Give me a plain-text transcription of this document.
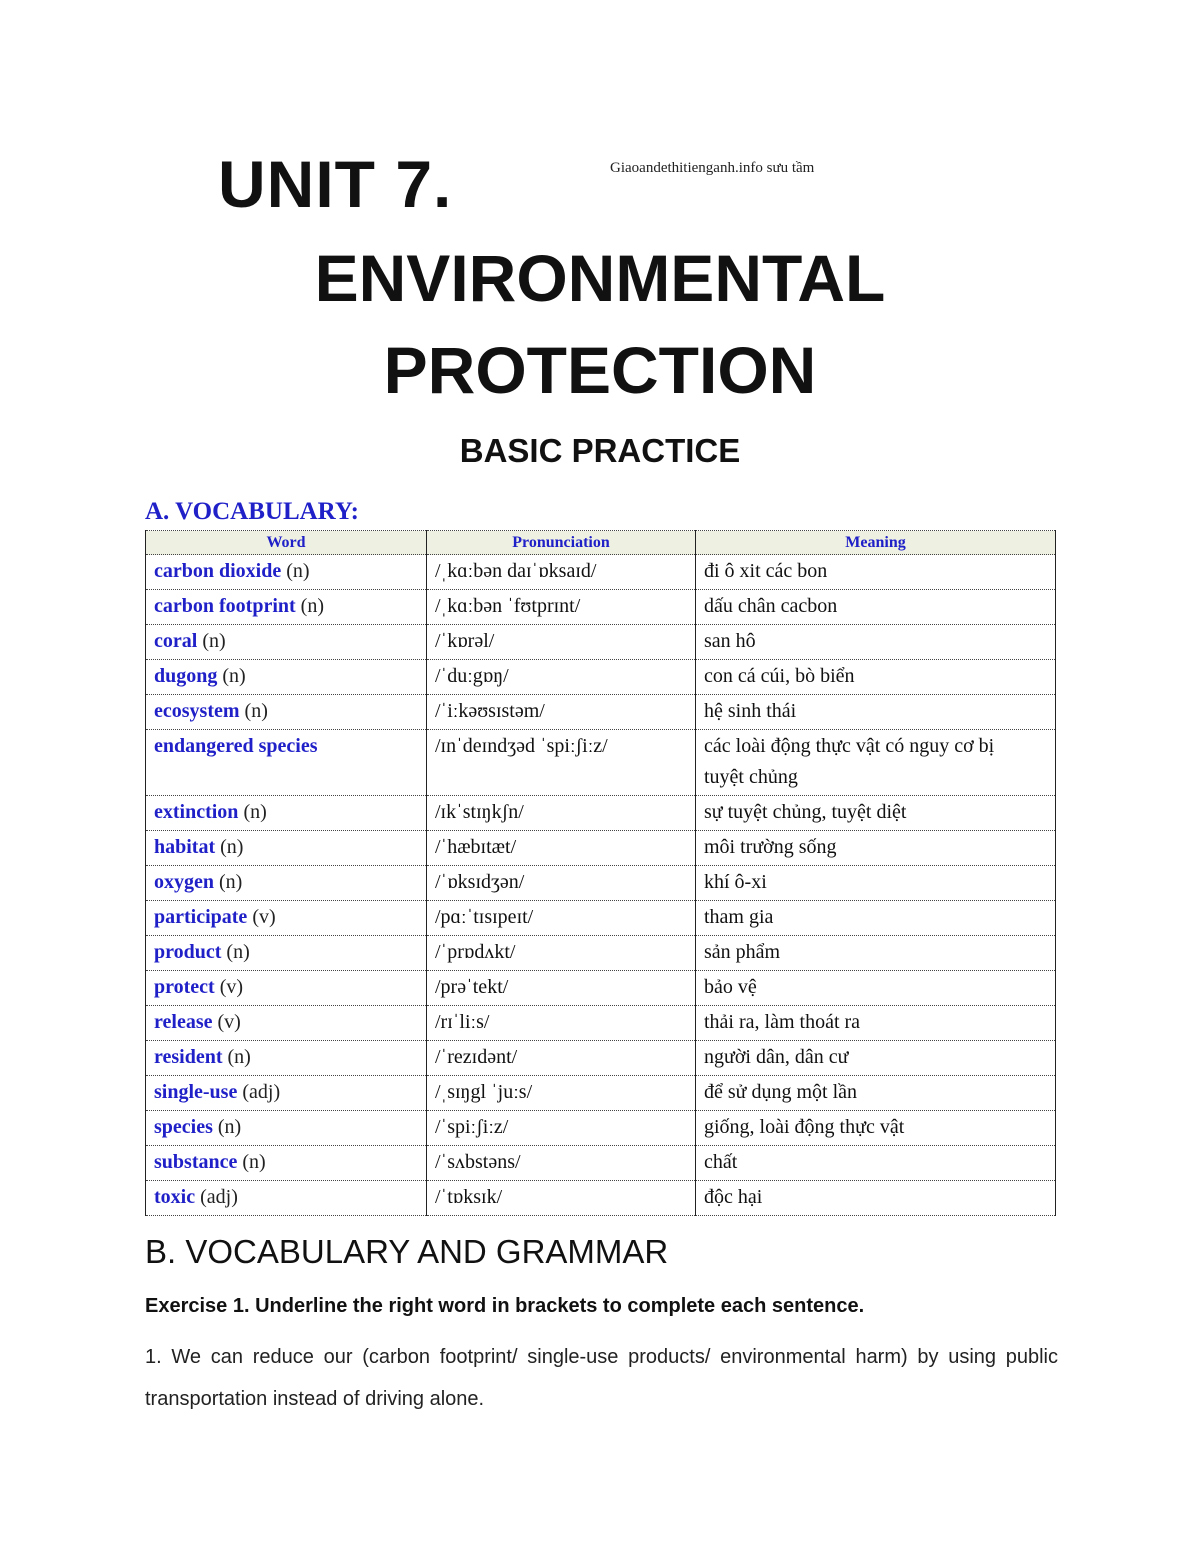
UNIT 7.	Giaoandethitienganh.info sưu tầm
ENVIRONMENTAL
PROTECTION
BASIC PRACTICE
A. VOCABULARY:
Word	Pronunciation	Meaning
carbon dioxide (n)	/ˌkɑːbən daɪˈɒksaɪd/	đi ô xit các bon
carbon footprint (n)	/ˌkɑːbən ˈfʊtprɪnt/	dấu chân cacbon
coral (n)	/ˈkɒrəl/	san hô
dugong (n)	/ˈduːgɒŋ/	con cá cúi, bò biển
ecosystem (n)	/ˈiːkəʊsɪstəm/	hệ sinh thái
endangered species	/ɪnˈdeɪndʒəd ˈspiːʃiːz/	các loài động thực vật có nguy cơ bị
tuyệt chủng
extinction (n)	/ɪkˈstɪŋkʃn/	sự tuyệt chủng, tuyệt diệt
habitat (n)	/ˈhæbɪtæt/	môi trường sống
oxygen (n)	/ˈɒksɪdʒən/	khí ô-xi
participate (v)	/pɑːˈtɪsɪpeɪt/	tham gia
product (n)	/ˈprɒdʌkt/	sản phẩm
protect (v)	/prəˈtekt/	bảo vệ
release (v)	/rɪˈliːs/	thải ra, làm thoát ra
resident (n)	/ˈrezɪdənt/	người dân, dân cư
single-use (adj)	/ˌsɪŋgl ˈjuːs/	để sử dụng một lần
species (n)	/ˈspiːʃiːz/	giống, loài động thực vật
substance (n)	/ˈsʌbstəns/	chất
toxic (adj)	/ˈtɒksɪk/	độc hại
B. VOCABULARY AND GRAMMAR

Exercise 1. Underline the right word in brackets to complete each sentence.

1. We can reduce our (carbon footprint/ single-use products/ environmental harm) by using public transportation instead of driving alone.
